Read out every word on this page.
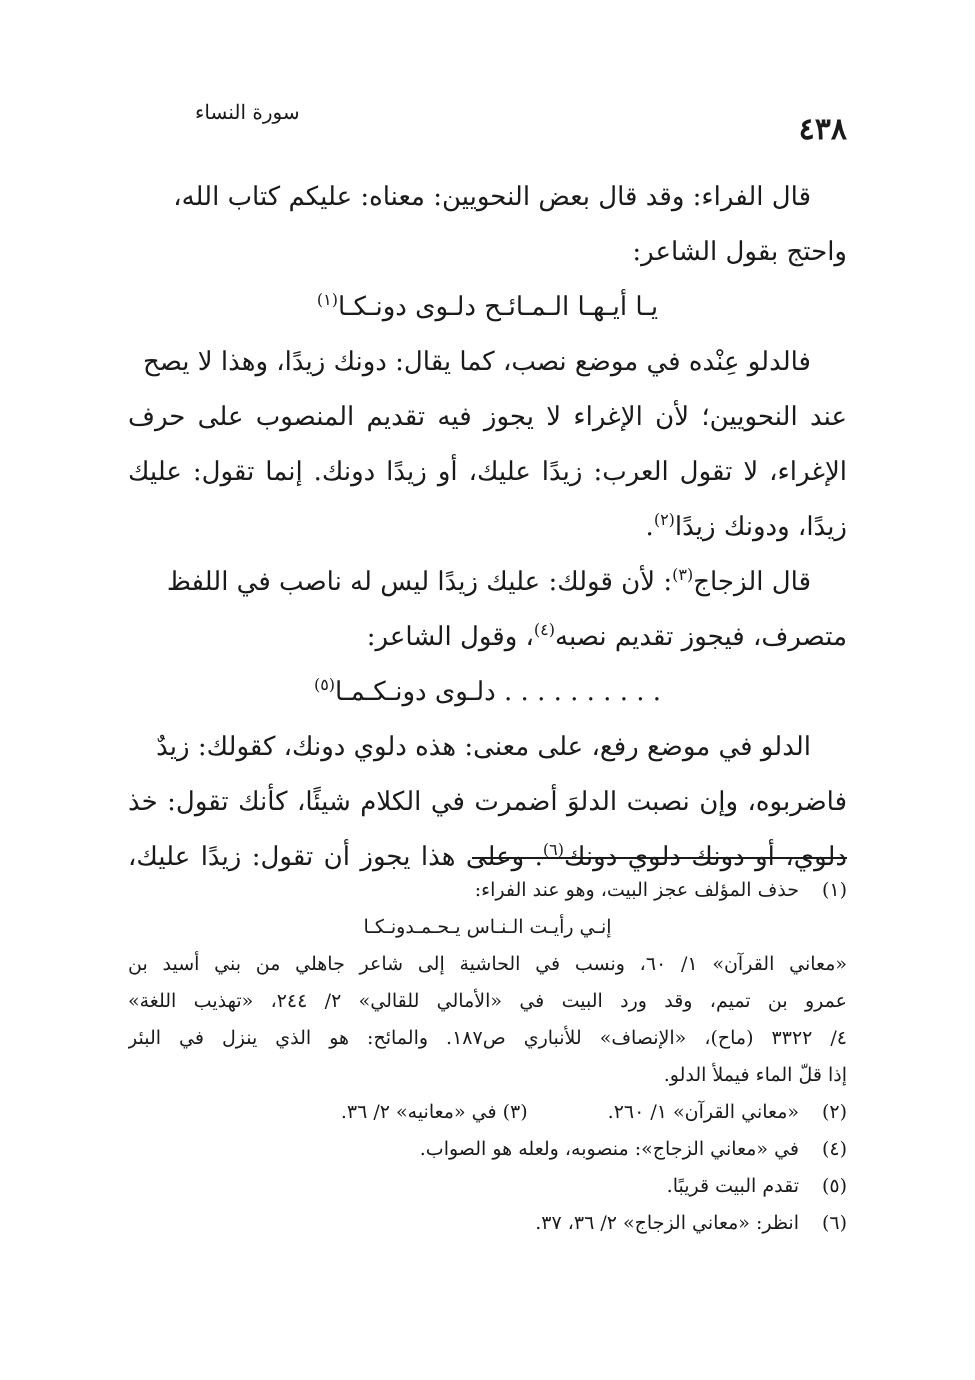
٤٣٨
سورة النساء
قال الفراء: وقد قال بعض النحويين: معناه: عليكم كتاب الله،
واحتج بقول الشاعر:
يـا أيـهـا الـمـائـح دلـوى دونـكـا$^{(١)}$
فالدلو عِنْده في موضع نصب، كما يقال: دونك زيدًا، وهذا لا يصح
عند النحويين؛ لأن الإغراء لا يجوز فيه تقديم المنصوب على حرف
الإغراء، لا تقول العرب: زيدًا عليك، أو زيدًا دونك. إنما تقول: عليك
زيدًا، ودونك زيدًا$^{(٢)}$.
قال الزجاج$^{(٣)}$: لأن قولك: عليك زيدًا ليس له ناصب في اللفظ
متصرف، فيجوز تقديم نصبه$^{(٤)}$، وقول الشاعر:
. . . . . . . . . . دلـوى دونـكـمـا$^{(٥)}$
الدلو في موضع رفع، على معنى: هذه دلوي دونك، كقولك: زيدٌ
فاضربوه، وإن نصبت الدلوَ أضمرت في الكلام شيئًا، كأنك تقول: خذ
دلوي، أو دونك دلوي دونك$^{(٦)}$. وعلى هذا يجوز أن تقول: زيدًا عليك،
(١)حذف المؤلف عجز البيت، وهو عند الفراء:
إنـي رأيـت الـنـاس يـحـمـدونـكـا
«معاني القرآن» ١/ ٦٠، ونسب في الحاشية إلى شاعر جاهلي من بني أسيد بن
عمرو بن تميم، وقد ورد البيت في «الأمالي للقالي» ٢/ ٢٤٤، «تهذيب اللغة»
٤/ ٣٣٢٢ (ماح)، «الإنصاف» للأنباري ص١٨٧. والمائح: هو الذي ينزل في البئر
إذا قلّ الماء فيملأ الدلو.
(٢)«معاني القرآن» ١/ ٢٦٠.(٣) في «معانيه» ٢/ ٣٦.
(٤)في «معاني الزجاج»: منصوبه، ولعله هو الصواب.
(٥)تقدم البيت قريبًا.
(٦)انظر: «معاني الزجاج» ٢/ ٣٦، ٣٧.
